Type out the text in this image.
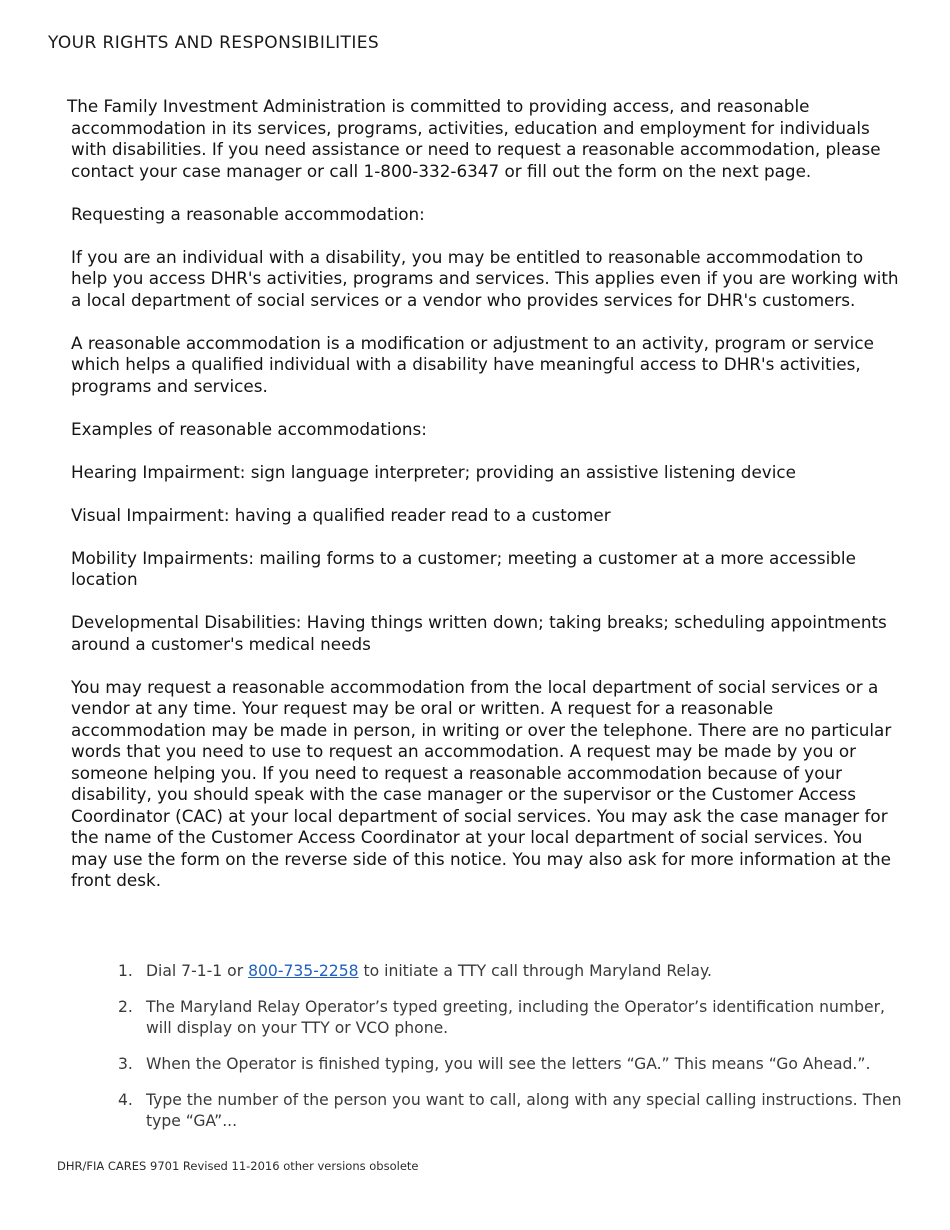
YOUR RIGHTS AND RESPONSIBILITIES

The Family Investment Administration is committed to providing access, and reasonable accommodation in its services, programs, activities, education and employment for individuals with disabilities. If you need assistance or need to request a reasonable accommodation, please contact your case manager or call 1-800-332-6347 or fill out the form on the next page.

Requesting a reasonable accommodation:

If you are an individual with a disability, you may be entitled to reasonable accommodation to help you access DHR's activities, programs and services. This applies even if you are working with a local department of social services or a vendor who provides services for DHR's customers.

A reasonable accommodation is a modification or adjustment to an activity, program or service which helps a qualified individual with a disability have meaningful access to DHR's activities, programs and services.

Examples of reasonable accommodations:

Hearing Impairment: sign language interpreter; providing an assistive listening device

Visual Impairment: having a qualified reader read to a customer

Mobility Impairments: mailing forms to a customer; meeting a customer at a more accessible location

Developmental Disabilities: Having things written down; taking breaks; scheduling appointments around a customer's medical needs

You may request a reasonable accommodation from the local department of social services or a vendor at any time. Your request may be oral or written. A request for a reasonable accommodation may be made in person, in writing or over the telephone. There are no particular words that you need to use to request an accommodation. A request may be made by you or someone helping you. If you need to request a reasonable accommodation because of your disability, you should speak with the case manager or the supervisor or the Customer Access Coordinator (CAC) at your local department of social services. You may ask the case manager for the name of the Customer Access Coordinator at your local department of social services. You may use the form on the reverse side of this notice. You may also ask for more information at the front desk.

1. Dial 7-1-1 or 800-735-2258 to initiate a TTY call through Maryland Relay.
2. The Maryland Relay Operator’s typed greeting, including the Operator’s identification number, will display on your TTY or VCO phone.
3. When the Operator is finished typing, you will see the letters “GA.” This means “Go Ahead.”.
4. Type the number of the person you want to call, along with any special calling instructions. Then type “GA”...
DHR/FIA CARES 9701 Revised 11-2016 other versions obsolete
